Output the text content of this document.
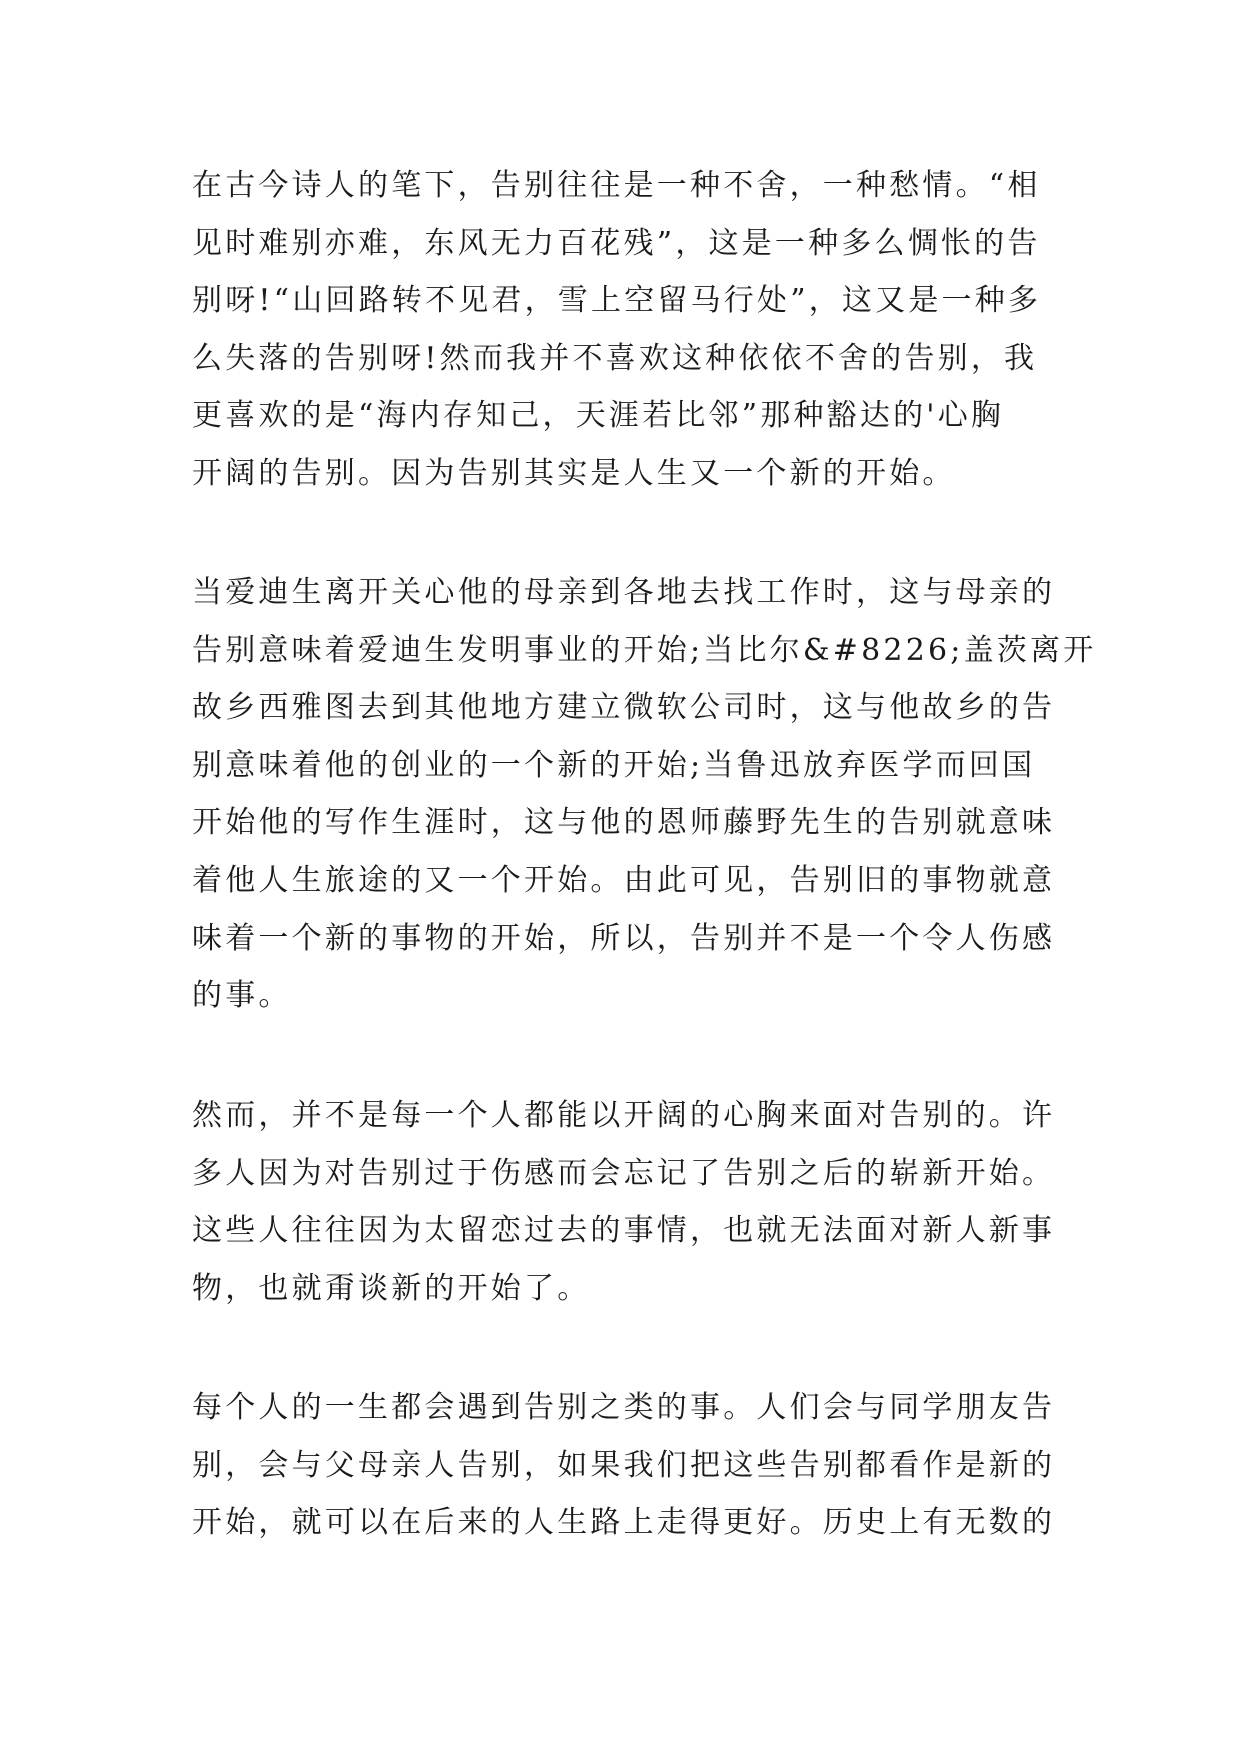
在古今诗人的笔下，告别往往是一种不舍，一种愁情。“相
见时难别亦难，东风无力百花残”，这是一种多么惆怅的告
别呀!“山回路转不见君，雪上空留马行处”，这又是一种多
么失落的告别呀!然而我并不喜欢这种依依不舍的告别，我
更喜欢的是“海内存知己，天涯若比邻”那种豁达的'心胸
开阔的告别。因为告别其实是人生又一个新的开始。
当爱迪生离开关心他的母亲到各地去找工作时，这与母亲的
告别意味着爱迪生发明事业的开始;当比尔&#8226;盖茨离开
故乡西雅图去到其他地方建立微软公司时，这与他故乡的告
别意味着他的创业的一个新的开始;当鲁迅放弃医学而回国
开始他的写作生涯时，这与他的恩师藤野先生的告别就意味
着他人生旅途的又一个开始。由此可见，告别旧的事物就意
味着一个新的事物的开始，所以，告别并不是一个令人伤感
的事。
然而，并不是每一个人都能以开阔的心胸来面对告别的。许
多人因为对告别过于伤感而会忘记了告别之后的崭新开始。
这些人往往因为太留恋过去的事情，也就无法面对新人新事
物，也就甭谈新的开始了。
每个人的一生都会遇到告别之类的事。人们会与同学朋友告
别，会与父母亲人告别，如果我们把这些告别都看作是新的
开始，就可以在后来的人生路上走得更好。历史上有无数的
